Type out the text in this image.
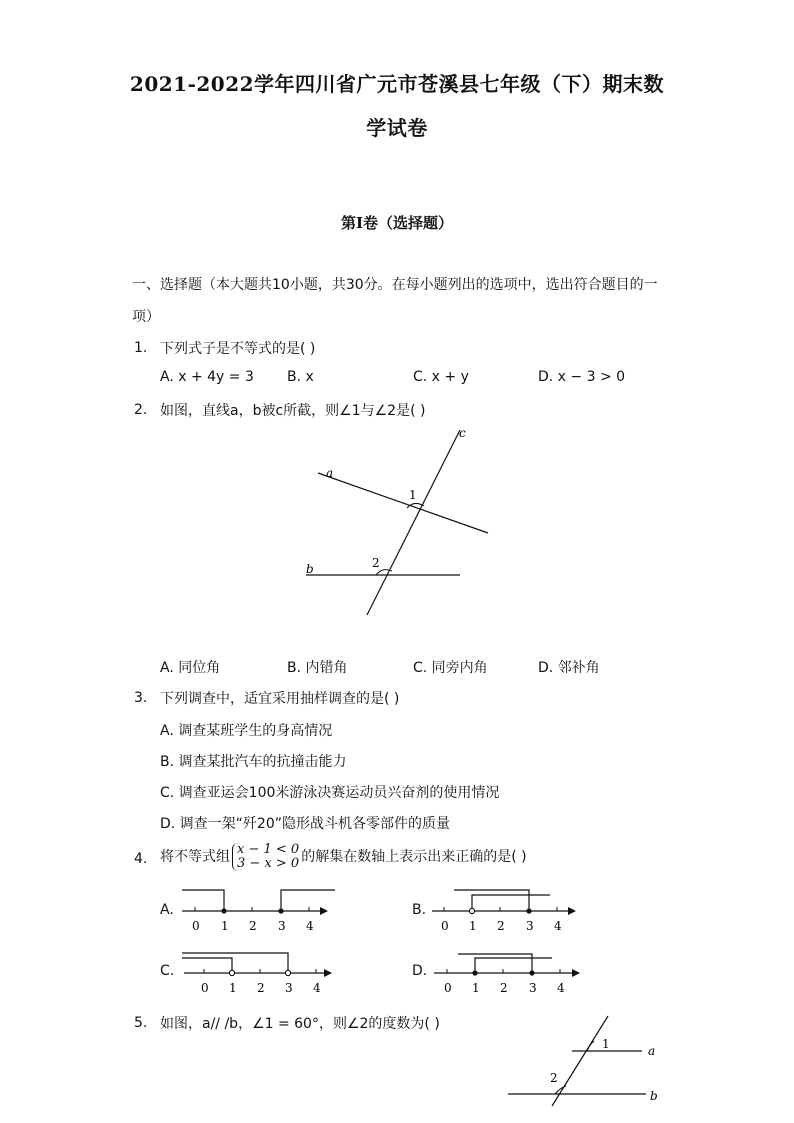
2021-2022学年四川省广元市苍溪县七年级（下）期末数
学试卷
第I卷（选择题）
一、选择题（本大题共10小题，共30分。在每小题列出的选项中，选出符合题目的一
项）
1. 下列式子是不等式的是( )
A. x + 4y = 3 B. x	C. x + y	D. x − 3 > 0
2. 如图，直线a，b被c所截，则∠1与∠2是( )
a
b
c
1
2
A. 同位角	B. 内错角	C. 同旁内角	D. 邻补角
3. 下列调查中，适宜采用抽样调查的是( )
A. 调查某班学生的身高情况
B. 调查某批汽车的抗撞击能力
C. 调查亚运会100米游泳决赛运动员兴奋剂的使用情况
D. 调查一架“歼20”隐形战斗机各零部件的质量
4. 将不等式组 x − 1 < 0
3 − x > 0 的解集在数轴上表示出来正确的是( )
A.
0 1 2 3 4
B.
0 1 2 3 4
C.
0 1 2 3 4
D.
0 1 2 3 4
5. 如图，a// /b，∠1 = 60°，则∠2的度数为( )
1
2
a
b
